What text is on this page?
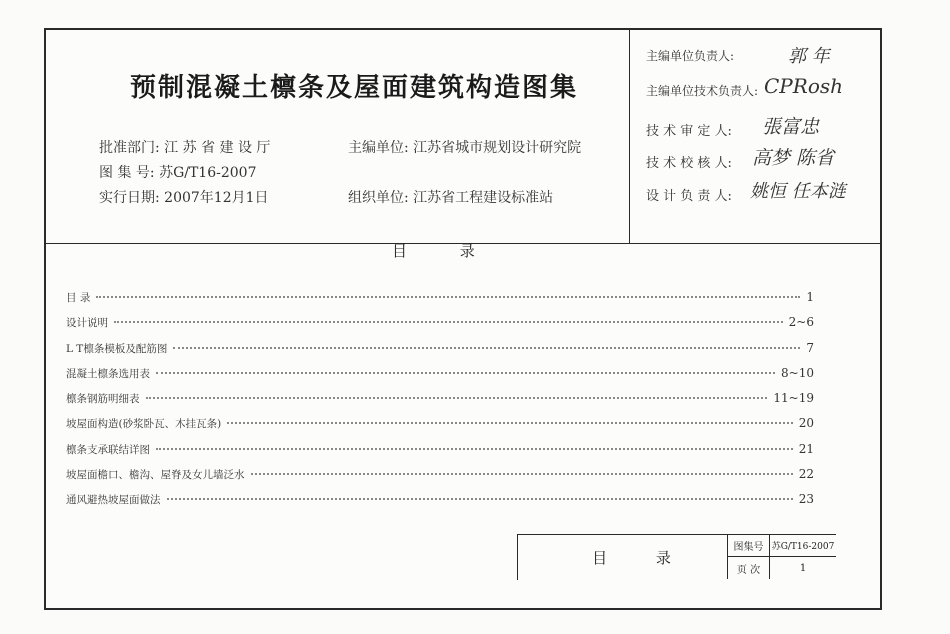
预制混凝土檩条及屋面建筑构造图集
批准部门: 江 苏 省 建 设 厅
图 集 号: 苏G/T16-2007
实行日期: 2007年12月1日
主编单位: 江苏省城市规划设计研究院
组织单位: 江苏省工程建设标准站
主编单位负责人:	郭 年
主编单位技术负责人: CPRosh
技 术 审 定 人:	張富忠
技 术 校 核 人:	高梦 陈省
设 计 负 责 人:	姚恒 任本涟
目 录
目 录	1
设计说明	2~6
L T檩条模板及配筋图	7
混凝土檩条选用表	8~10
檩条钢筋明细表	11~19
坡屋面构造(砂浆卧瓦、木挂瓦条)	20
檩条支承联结详图	21
坡屋面檐口、檐沟、屋脊及女儿墙泛水	22
通风避热坡屋面做法	23
目 录
图集号 苏G/T16-2007
页 次	1
